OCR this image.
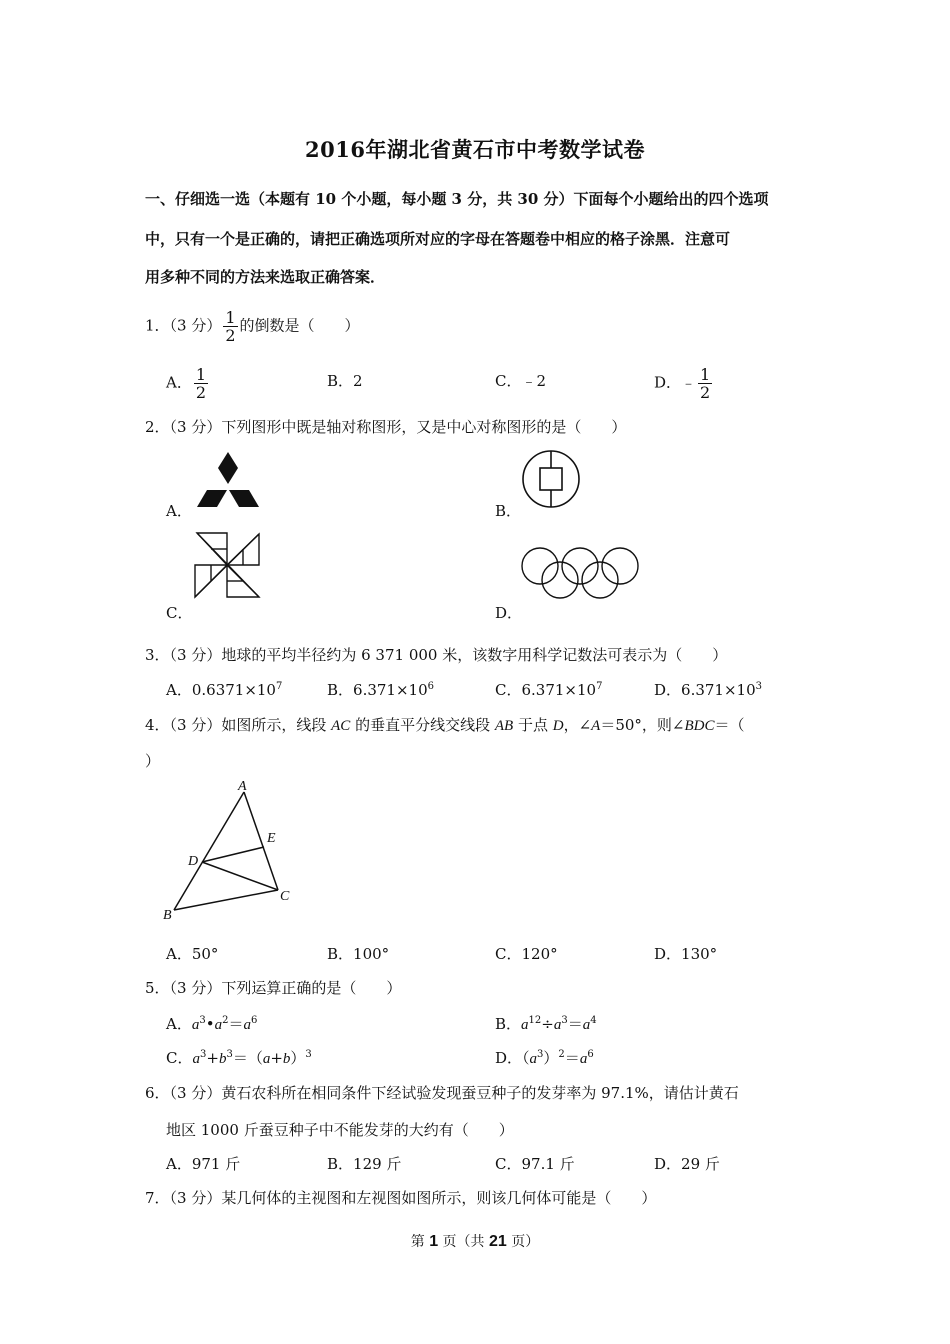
2016年湖北省黄石市中考数学试卷
一、仔细选一选（本题有 10 个小题，每小题 3 分，共 30 分）下面每个小题给出的四个选项
中，只有一个是正确的，请把正确选项所对应的字母在答题卷中相应的格子涂黑．注意可
用多种不同的方法来选取正确答案．
1．（3 分） $\frac{1}{2}$ 的倒数是（　　）
A． $\frac{1}{2}$	B．2	C．﹣2	D．﹣ $\frac{1}{2}$
2．（3 分）下列图形中既是轴对称图形，又是中心对称图形的是（　　）
A．	B．
C．	D．
3．（3 分）地球的平均半径约为 6 371 000 米，该数字用科学记数法可表示为（　　）
A．$0.6371\times 10^7$	B．$6.371\times 10^6$	C．$6.371\times 10^7$	D．$6.371\times 10^3$
4．（3 分）如图所示，线段 AC 的垂直平分线交线段 AB 于点 D，∠A＝50°，则∠BDC＝（
）
A
B
C
D
E
A．50°	B．100°	C．120°	D．130°
5．（3 分）下列运算正确的是（　　）
A．$a^3•a^2=a^6$	B．$a^{12}\div a^3=a^4$
C．$a^3+b^3=(a+b)^3$	D．$(a^3)^2=a^6$
6．（3 分）黄石农科所在相同条件下经试验发现蚕豆种子的发芽率为 97.1%，请估计黄石
地区 1000 斤蚕豆种子中不能发芽的大约有（　　）
A．971 斤	B．129 斤	C．97.1 斤	D．29 斤
7．（3 分）某几何体的主视图和左视图如图所示，则该几何体可能是（　　）
第 1 页（共 21 页）
